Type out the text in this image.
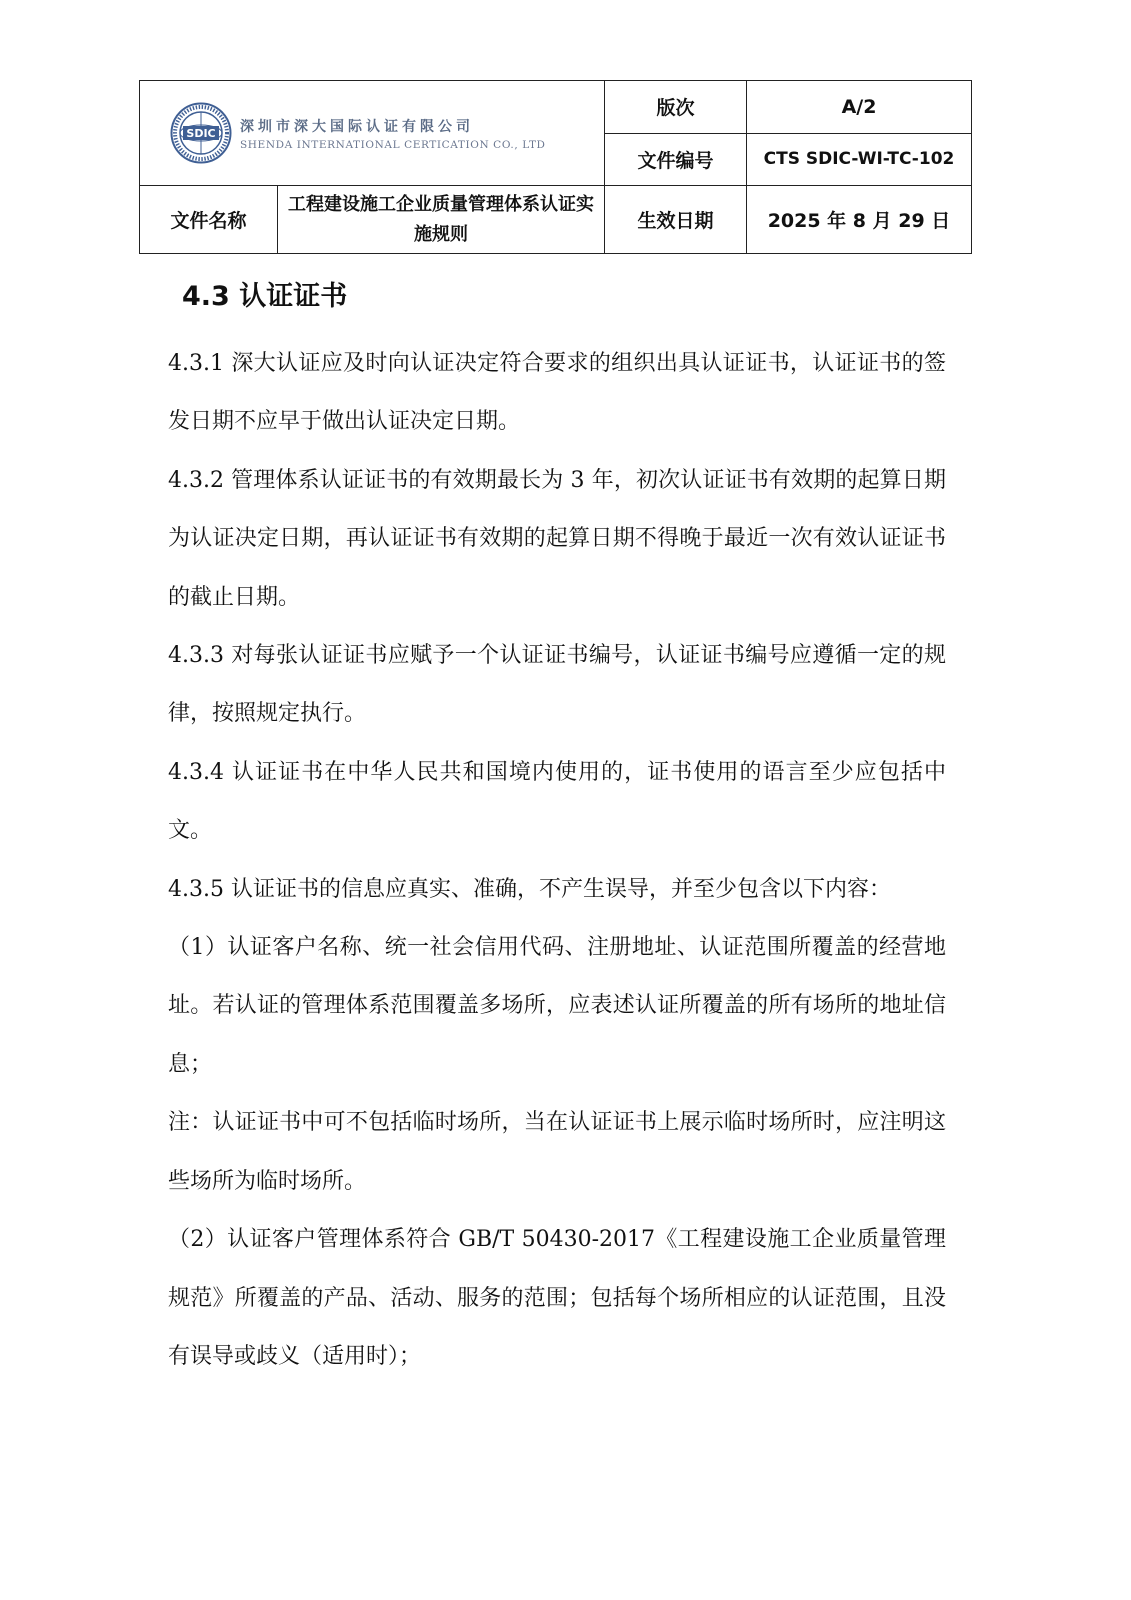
SDIC 深圳市深大国际认证有限公司
SHENDA INTERNATIONAL CERTICATION CO., LTD		版次	A/2
		文件编号	CTS SDIC-WI-TC-102
文件名称	工程建设施工企业质量管理体系认证实施规则	生效日期	2025 年 8 月 29 日
4.3 认证证书

4.3.1 深大认证应及时向认证决定符合要求的组织出具认证证书，认证证书的签发日期不应早于做出认证决定日期。

4.3.2 管理体系认证证书的有效期最长为 3 年，初次认证证书有效期的起算日期为认证决定日期，再认证证书有效期的起算日期不得晚于最近一次有效认证证书的截止日期。

4.3.3 对每张认证证书应赋予一个认证证书编号，认证证书编号应遵循一定的规律，按照规定执行。

4.3.4 认证证书在中华人民共和国境内使用的，证书使用的语言至少应包括中文。

4.3.5 认证证书的信息应真实、准确，不产生误导，并至少包含以下内容：

（1）认证客户名称、统一社会信用代码、注册地址、认证范围所覆盖的经营地址。若认证的管理体系范围覆盖多场所，应表述认证所覆盖的所有场所的地址信息；

注：认证证书中可不包括临时场所，当在认证证书上展示临时场所时，应注明这些场所为临时场所。

（2）认证客户管理体系符合 GB/T 50430-2017《工程建设施工企业质量管理规范》所覆盖的产品、活动、服务的范围；包括每个场所相应的认证范围，且没有误导或歧义（适用时）；
